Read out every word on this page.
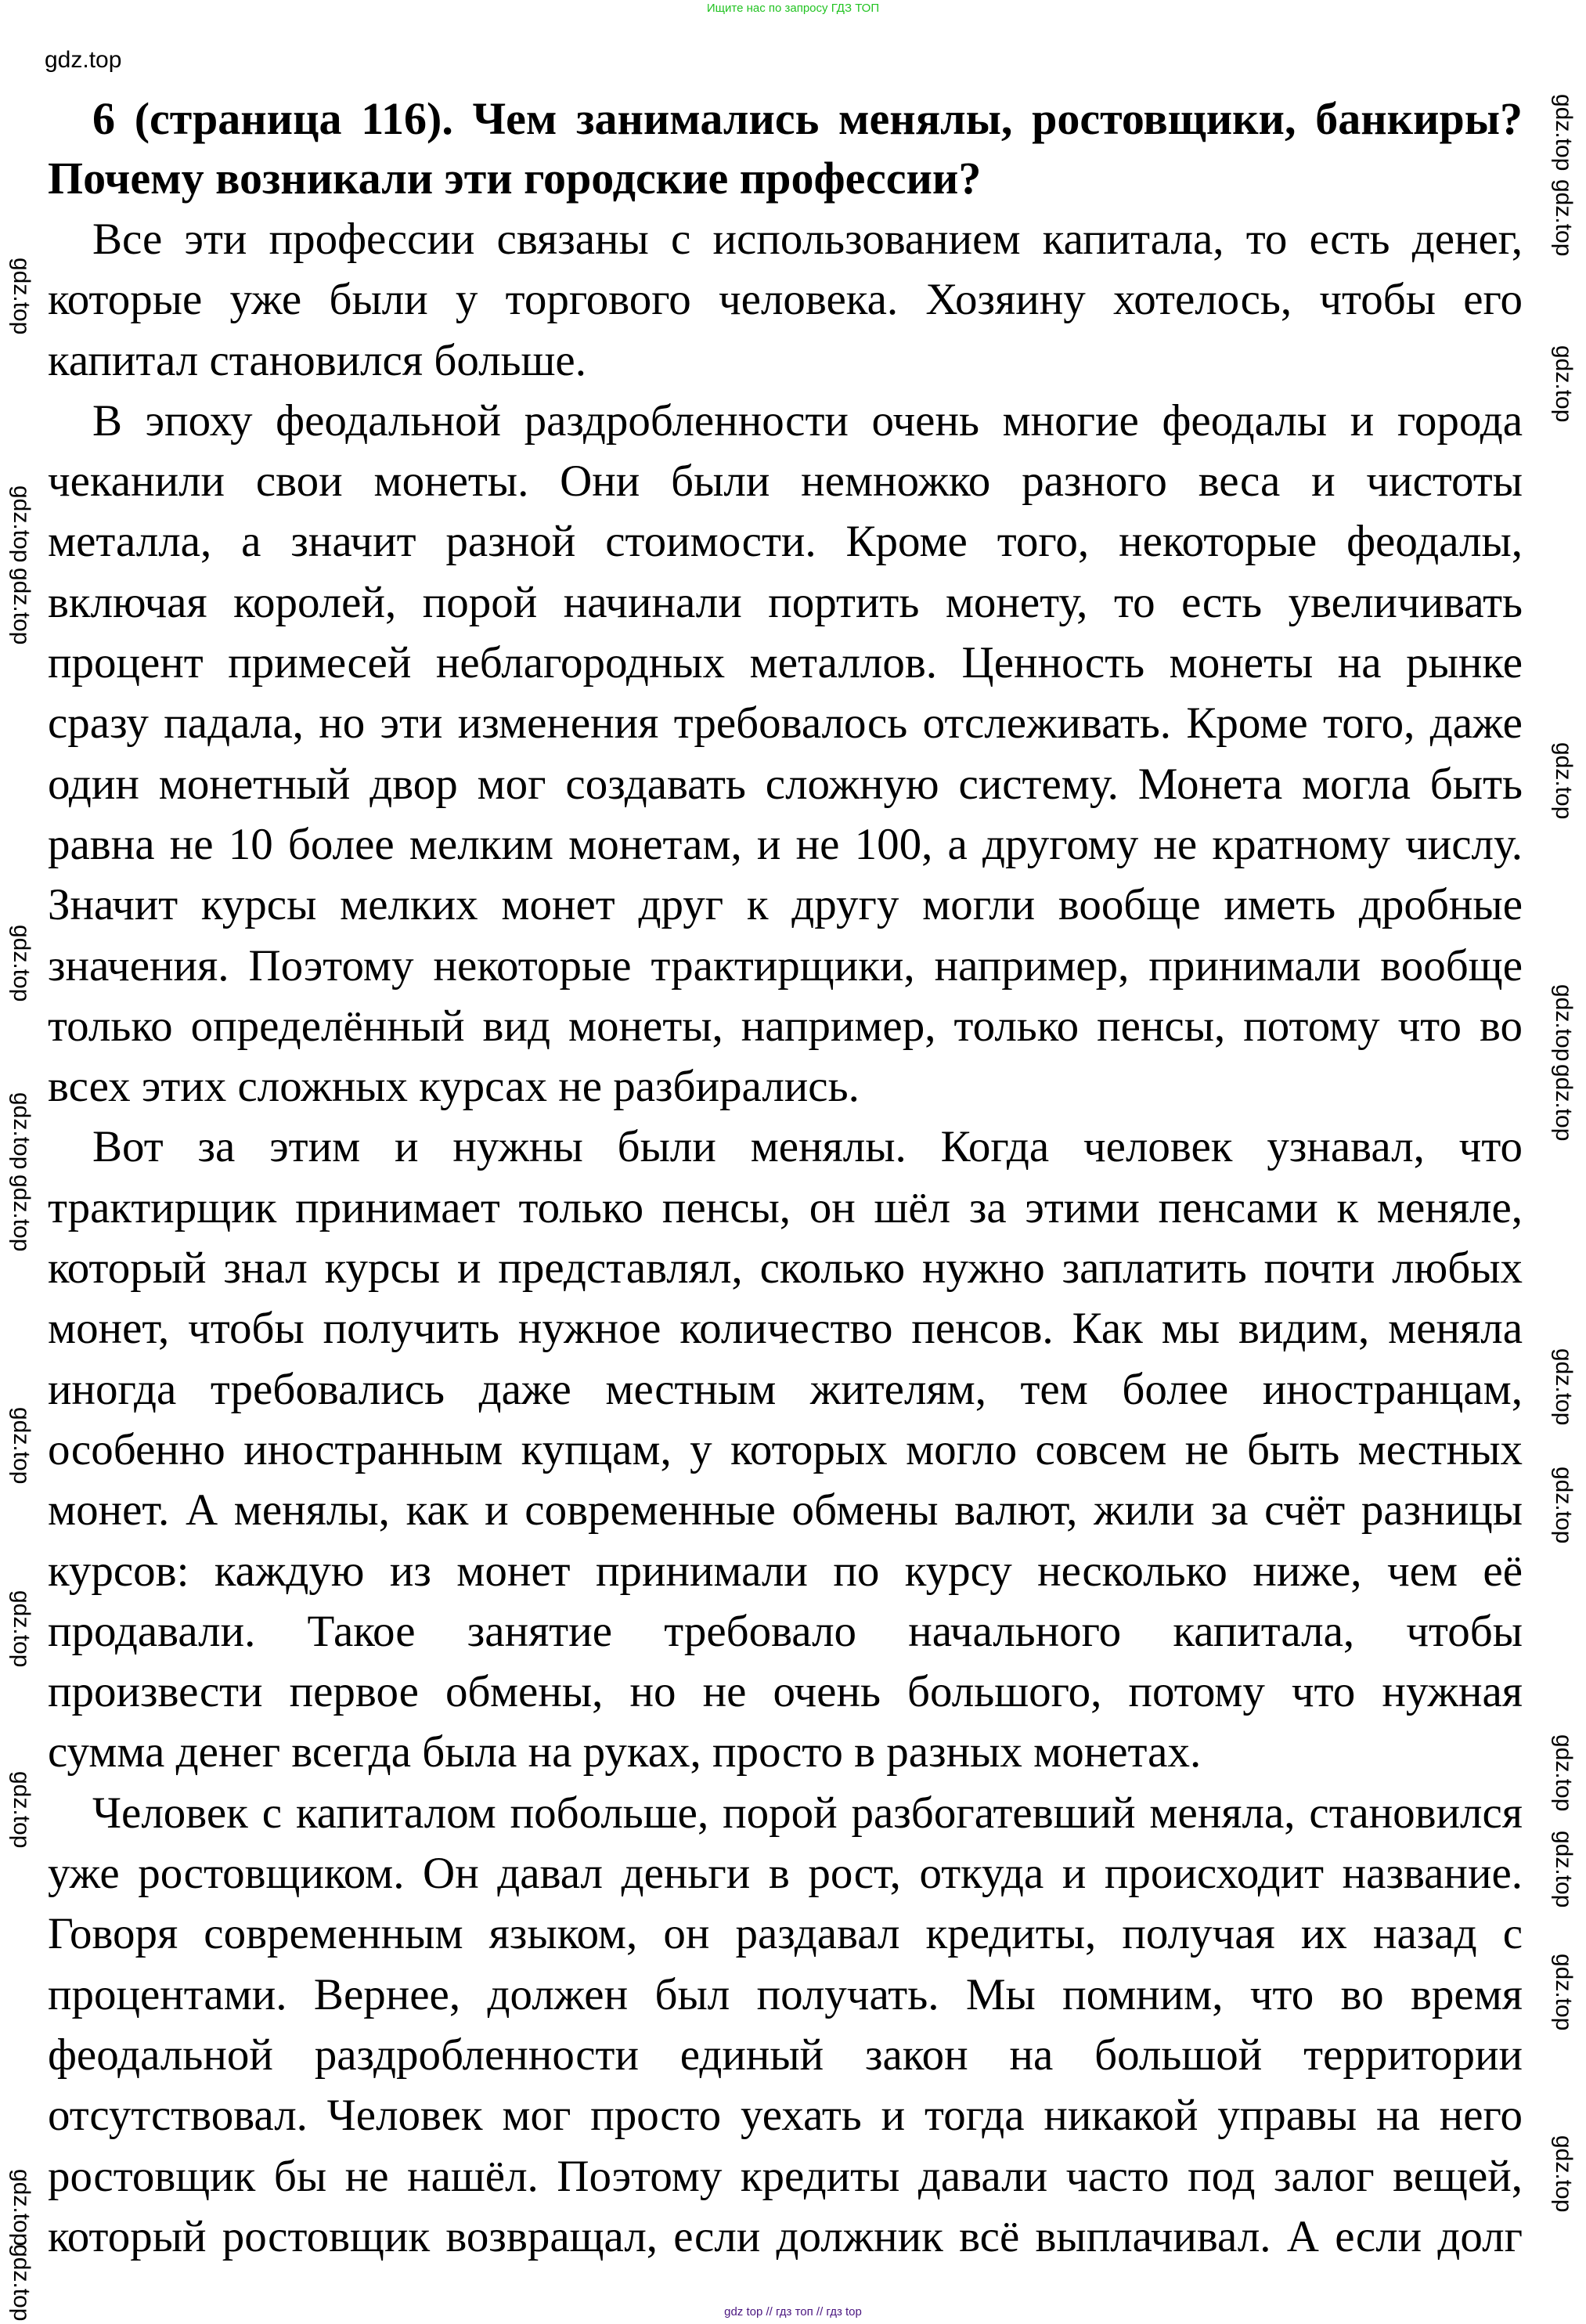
Ищите нас по запросу ГДЗ ТОП
6 (страница 116). Чем занимались менялы, ростовщики, банкиры?
Почему возникали эти городские профессии?
Все эти профессии связаны с использованием капитала, то есть денег,
которые уже были у торгового человека. Хозяину хотелось, чтобы его
капитал становился больше.
В эпоху феодальной раздробленности очень многие феодалы и города
чеканили свои монеты. Они были немножко разного веса и чистоты
металла, а значит разной стоимости. Кроме того, некоторые феодалы,
включая королей, порой начинали портить монету, то есть увеличивать
процент примесей неблагородных металлов. Ценность монеты на рынке
сразу падала, но эти изменения требовалось отслеживать. Кроме того, даже
один монетный двор мог создавать сложную систему. Монета могла быть
равна не 10 более мелким монетам, и не 100, а другому не кратному числу.
Значит курсы мелких монет друг к другу могли вообще иметь дробные
значения. Поэтому некоторые трактирщики, например, принимали вообще
только определённый вид монеты, например, только пенсы, потому что во
всех этих сложных курсах не разбирались.
Вот за этим и нужны были менялы. Когда человек узнавал, что
трактирщик принимает только пенсы, он шёл за этими пенсами к меняле,
который знал курсы и представлял, сколько нужно заплатить почти любых
монет, чтобы получить нужное количество пенсов. Как мы видим, меняла
иногда требовались даже местным жителям, тем более иностранцам,
особенно иностранным купцам, у которых могло совсем не быть местных
монет. А менялы, как и современные обмены валют, жили за счёт разницы
курсов: каждую из монет принимали по курсу несколько ниже, чем её
продавали. Такое занятие требовало начального капитала, чтобы
произвести первое обмены, но не очень большого, потому что нужная
сумма денег всегда была на руках, просто в разных монетах.
Человек с капиталом побольше, порой разбогатевший меняла, становился
уже ростовщиком. Он давал деньги в рост, откуда и происходит название.
Говоря современным языком, он раздавал кредиты, получая их назад с
процентами. Вернее, должен был получать. Мы помним, что во время
феодальной раздробленности единый закон на большой территории
отсутствовал. Человек мог просто уехать и тогда никакой управы на него
ростовщик бы не нашёл. Поэтому кредиты давали часто под залог вещей,
который ростовщик возвращал, если должник всё выплачивал. А если долг
gdz.top
gdz.top
gdz.top
gdz.top
gdz.top
gdz.top
gdz.top
gdz.top
gdz.top
gdz.top
gdz.top
gdz.top
gdz.top
gdz.top
gdz.top
gdz.top
gdz.top
gdz.top
gdz.top
gdz.top
gdz.top
gdz.top
gdz.top
gdz.top
gdz top // гдз топ // гдз top
